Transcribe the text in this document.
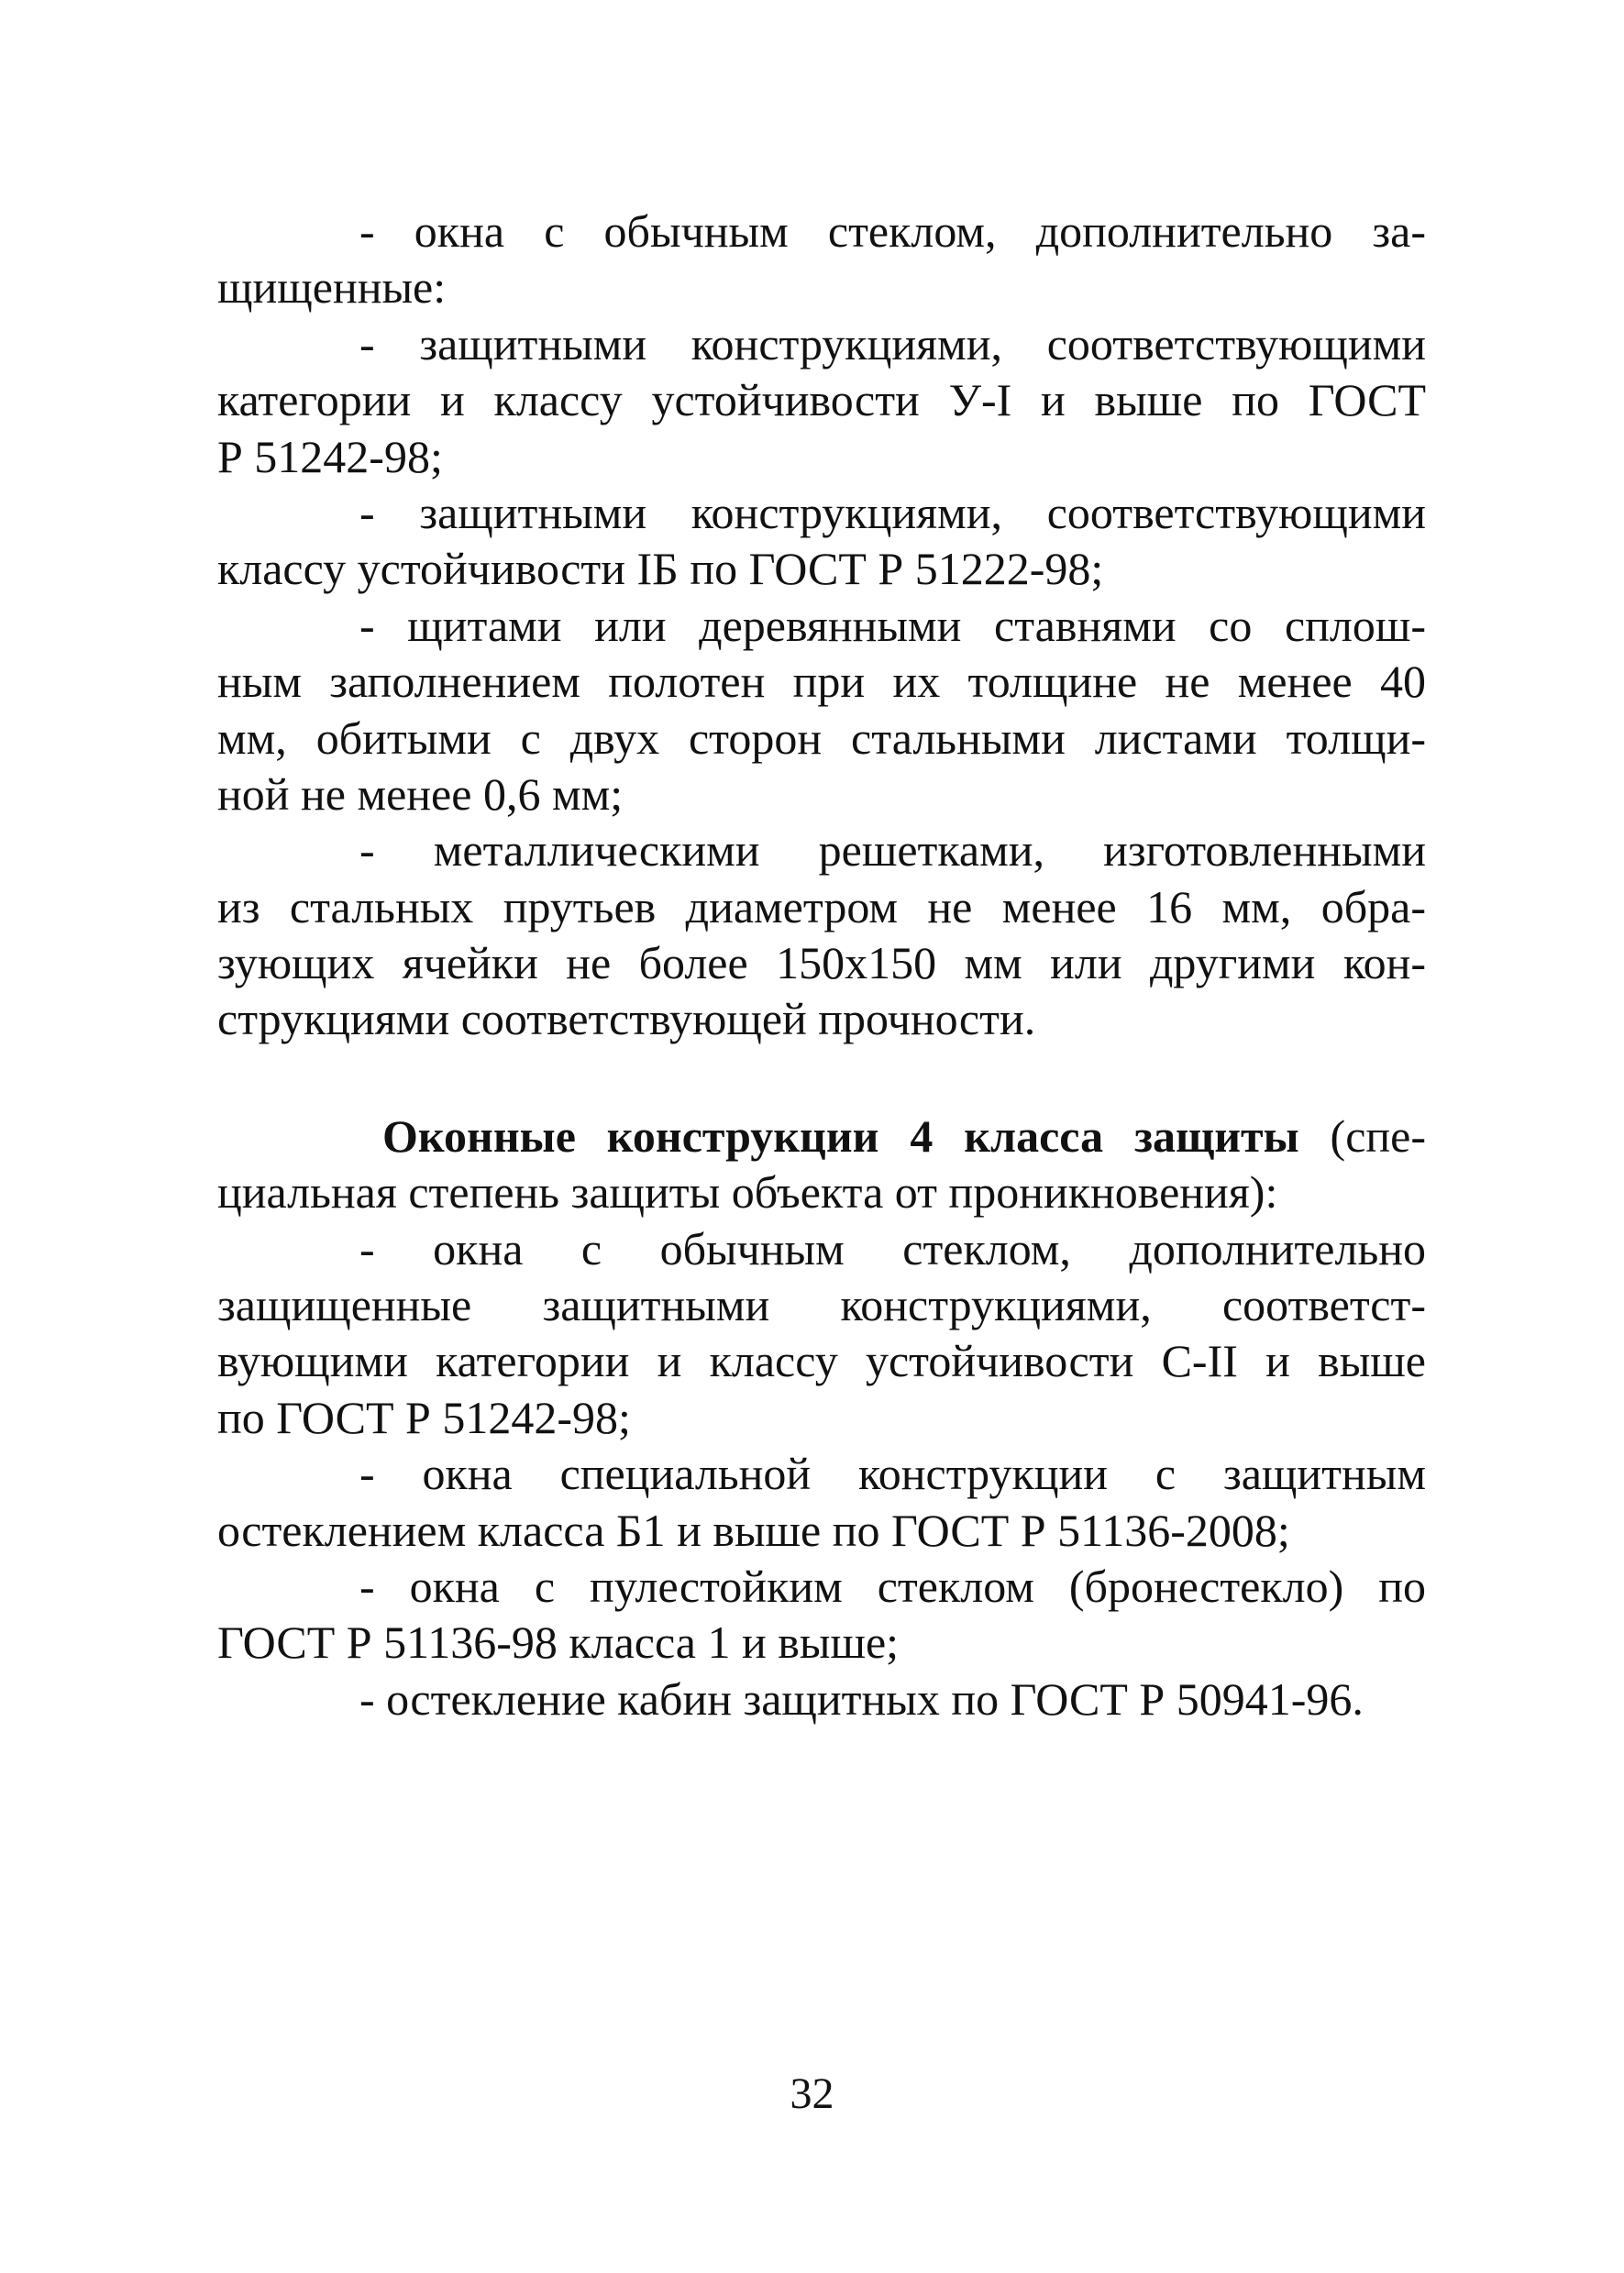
- окна с обычным стеклом, дополнительно за-
щищенные:
- защитными конструкциями, соответствующими
категории и классу устойчивости У-I и выше по ГОСТ
Р 51242-98;
- защитными конструкциями, соответствующими
классу устойчивости IБ по ГОСТ Р 51222-98;
- щитами или деревянными ставнями со сплош-
ным заполнением полотен при их толщине не менее 40
мм, обитыми с двух сторон стальными листами толщи-
ной не менее 0,6 мм;
- металлическими решетками, изготовленными
из стальных прутьев диаметром не менее 16 мм, обра-
зующих ячейки не более 150х150 мм или другими кон-
струкциями соответствующей прочности.
Оконные конструкции 4 класса защиты (спе-
циальная степень защиты объекта от проникновения):
- окна с обычным стеклом, дополнительно
защищенные защитными конструкциями, соответст-
вующими категории и классу устойчивости С-II и выше
по ГОСТ Р 51242-98;
- окна специальной конструкции с защитным
остеклением класса Б1 и выше по ГОСТ Р 51136-2008;
- окна с пулестойким стеклом (бронестекло) по
ГОСТ Р 51136-98 класса 1 и выше;
- остекление кабин защитных по ГОСТ Р 50941-96.
32
